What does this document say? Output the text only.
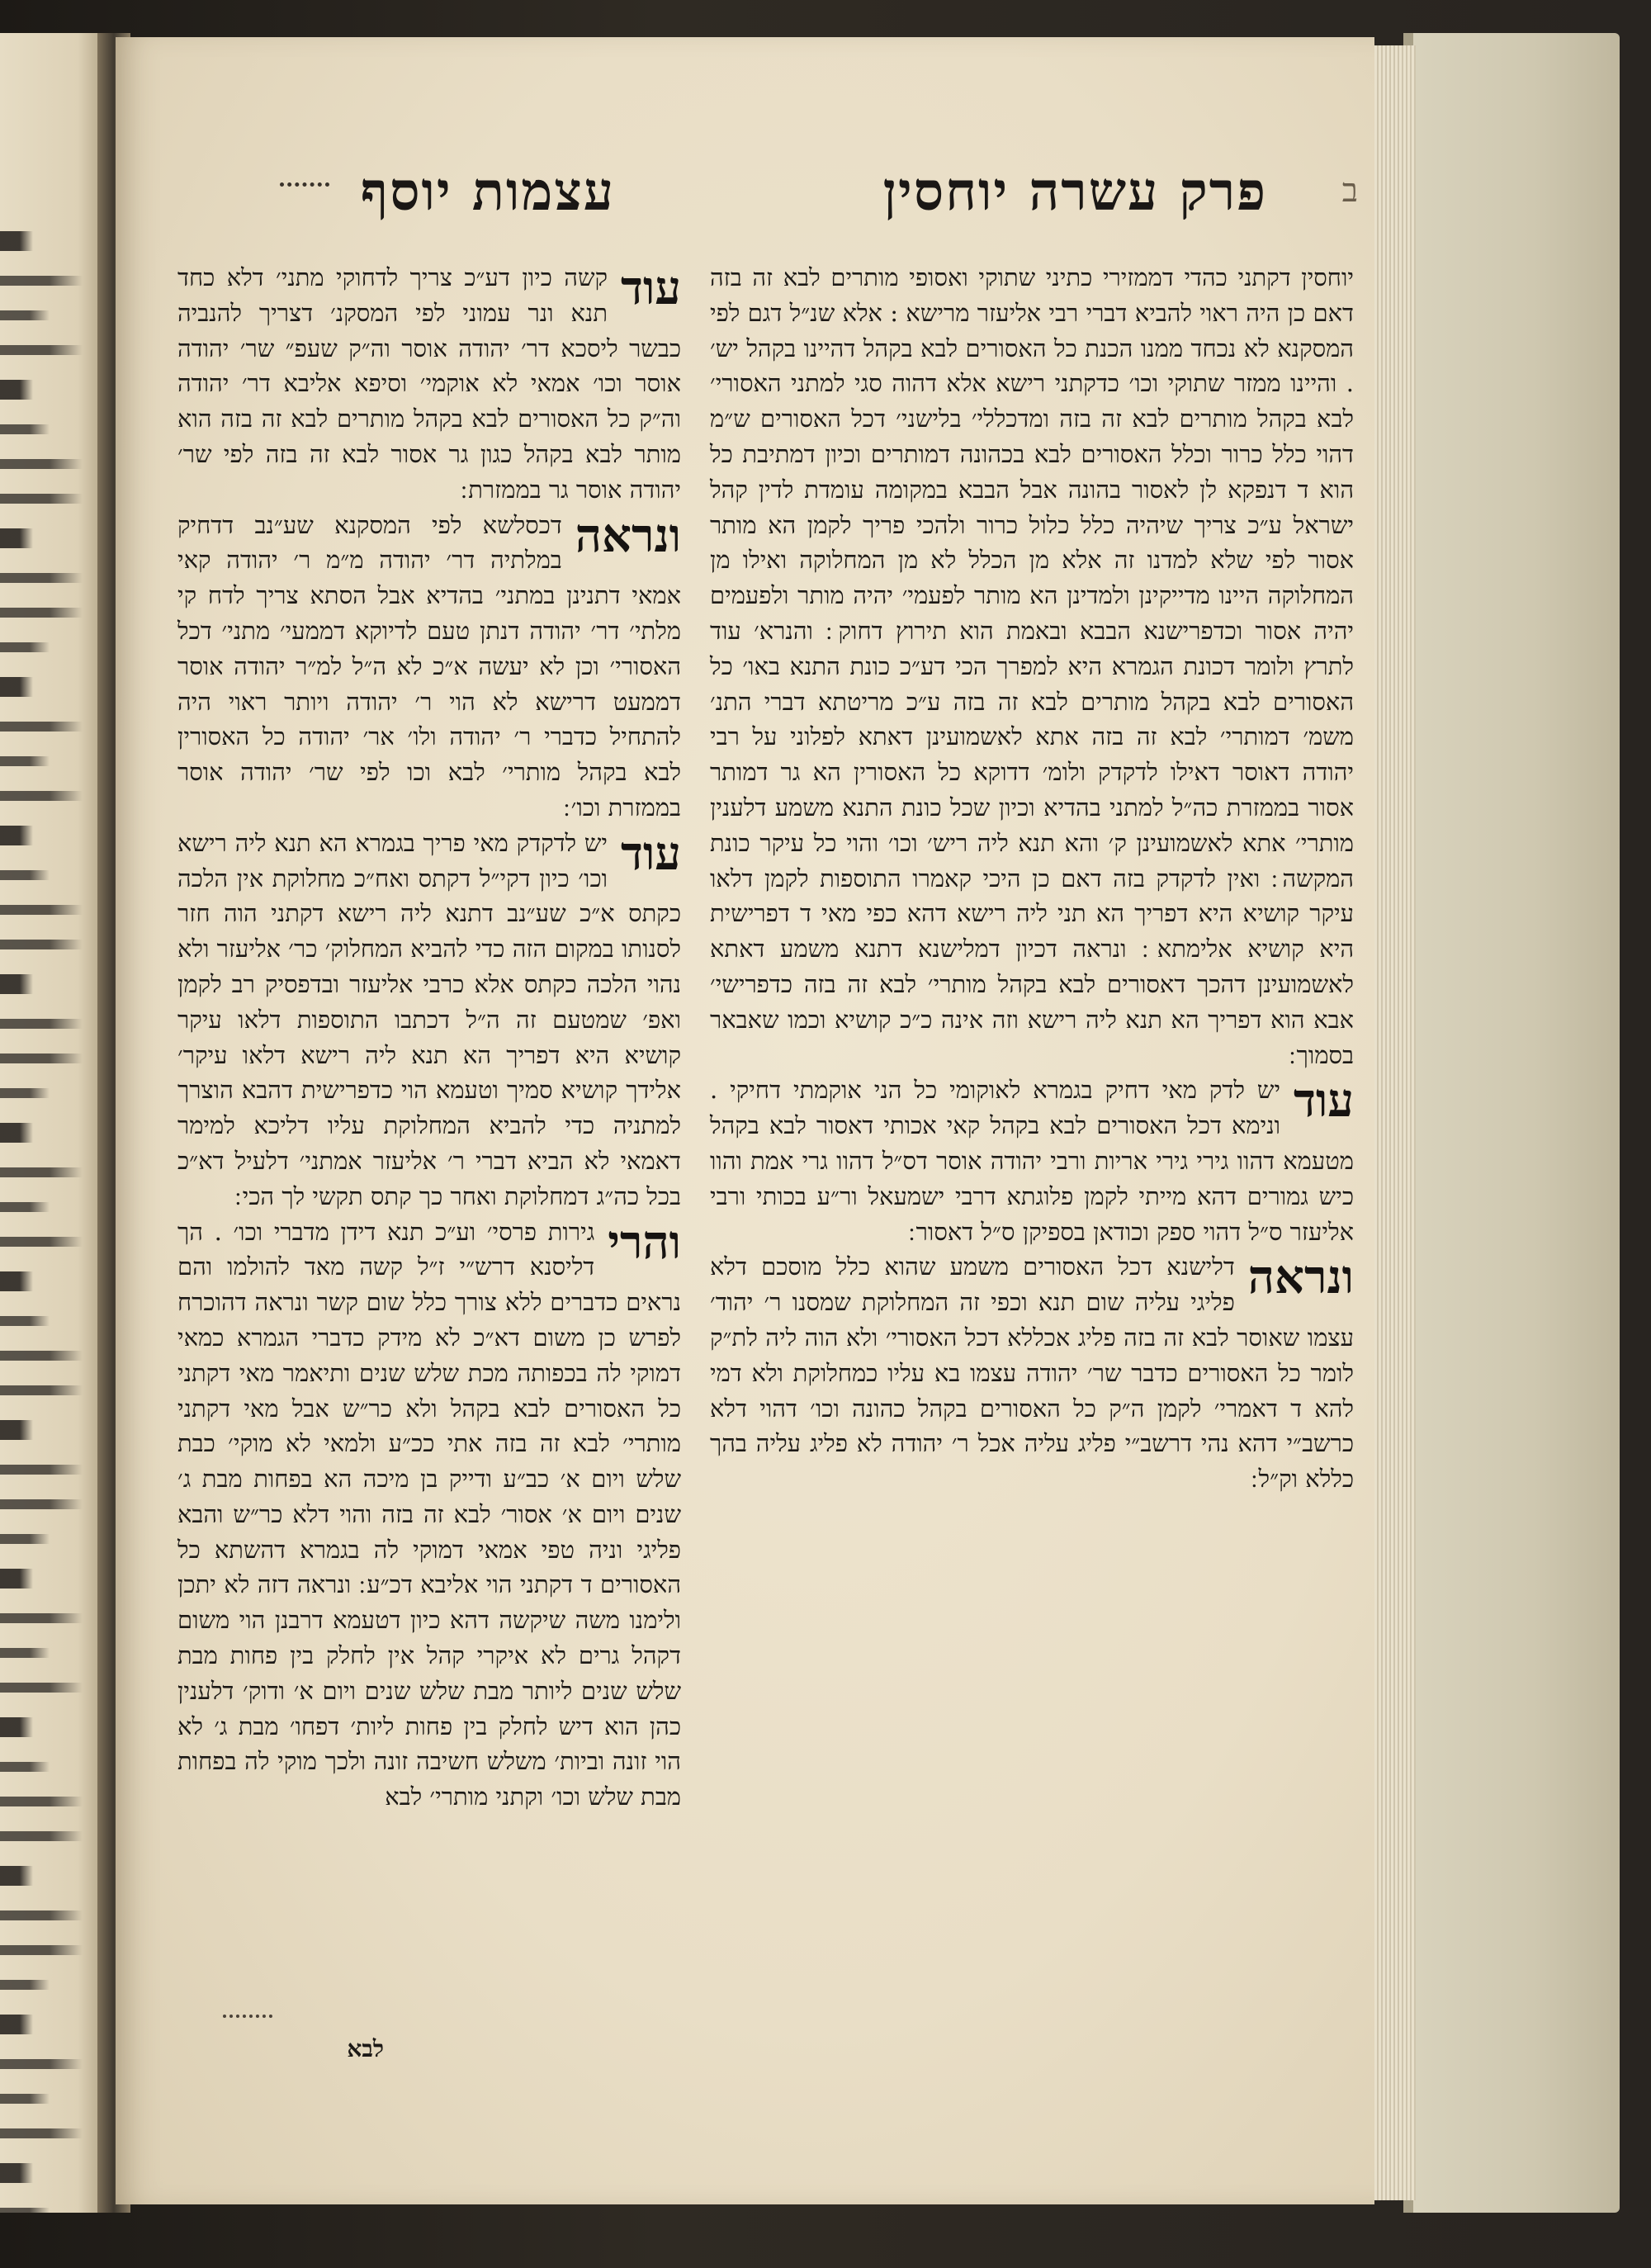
ב
פרק עשרה יוחסין
עצמות יוסף

יוחסין דקתני כהדי דממזירי כתיני שתוקי ואסופי מותרים לבא זה בזה דאם כן היה ראוי להביא דברי רבי אליעזר מרישא : אלא שנ״ל דגם לפי המסקנא לא נכחד ממנו הכנת כל האסורים לבא בקהל דהיינו בקהל יש׳ . והיינו ממזר שתוקי וכו׳ כדקתני רישא אלא דהוה סגי למתני האסורי׳ לבא בקהל מותרים לבא זה בזה ומדכללי׳ בלישני׳ דכל האסורים ש״מ דהוי כלל כרור וכלל האסורים לבא בכהונה דמותרים וכיון דמתיבת כל הוא ד דנפקא לן לאסור בהונה אבל הבבא במקומה עומדת לדין קהל ישראל ע״כ צריך שיהיה כלל כלול כרור ולהכי פריך לקמן הא מותר אסור לפי שלא למדנו זה אלא מן הכלל לא מן המחלוקה ואילו מן המחלוקה היינו מדייקינן ולמדינן הא מותר לפעמי׳ יהיה מותר ולפעמים יהיה אסור וכדפרישנא הבבא ובאמת הוא תירוץ דחוק ׃ והנרא׳ עוד לתרץ ולומר דכונת הגמרא היא למפרך הכי דע״כ כונת התנא באו׳ כל האסורים לבא בקהל מותרים לבא זה בזה ע״כ מריטתא דברי התנ׳ משמ׳ דמותרי׳ לבא זה בזה אתא לאשמועינן דאתא לפלוני על רבי יהודה דאוסר דאילו לדקדק ולומ׳ דדוקא כל האסורין הא גר דמותר אסור בממזרת כה״ל למתני בהדיא וכיון שכל כונת התנא משמע דלענין מותרי׳ אתא לאשמועינן ק׳ והא תנא ליה ריש׳ וכו׳ והוי כל עיקר כונת המקשה ׃ ואין לדקדק בזה דאם כן היכי קאמרו התוספות לקמן דלאו עיקר קושיא היא דפריך הא תני ליה רישא דהא כפי מאי ד דפרישית היא קושיא אלימתא ׃ ונראה דכיון דמלישנא דתנא משמע דאתא לאשמועינן דהכך דאסורים לבא בקהל מותרי׳ לבא זה בזה כדפרישי׳ אבא הוא דפריך הא תנא ליה רישא וזה אינה כ״כ קושיא וכמו שאבאר בסמוך ׃

עוד
יש לדק מאי דחיק בגמרא לאוקומי כל הני אוקמתי דחיקי . ונימא דכל האסורים לבא בקהל קאי אכותי דאסור לבא בקהל מטעמא דהוו גירי גירי אריות ורבי יהודה אוסר דס״ל דהוו גרי אמת והוו כיש גמורים דהא מייתי לקמן פלוגתא דרבי ישמעאל ור״ע בכותי ורבי אליעזר ס״ל דהוי ספק וכודאן בספיקן ס״ל דאסור ׃

ונראה
דלישנא דכל האסורים משמע שהוא כלל מוסכם דלא פליגי עליה שום תנא וכפי זה המחלוקת שמסנו ר׳ יהוד׳ עצמו שאוסר לבא זה בזה פליג אכללא דכל האסורי׳ ולא הוה ליה לת״ק לומר כל האסורים כדבר שר׳ יהודה עצמו בא עליו כמחלוקת ולא דמי להא ד דאמרי׳ לקמן ה״ק כל האסורים בקהל כהונה וכו׳ דהוי דלא כרשב״י דהא נהי דרשב״י פליג עליה אכל ר׳ יהודה לא פליג עליה בהך כללא וק״ל ׃

עוד
קשה כיון דע״כ צריך לדחוקי מתני׳ דלא כחד תנא ונר עמוני לפי המסקנ׳ דצריך להנביה כבשר ליסכא דר׳ יהודה אוסר וה״ק שעפ״ שר׳ יהודה אוסר וכו׳ אמאי לא אוקמי׳ וסיפא אליבא דר׳ יהודה וה״ק כל האסורים לבא בקהל מותרים לבא זה בזה הוא מותר לבא בקהל כגון גר אסור לבא זה בזה לפי שר׳ יהודה אוסר גר בממזרת ׃

ונראה
דכסלשא לפי המסקנא שע״נב דדחיק במלתיה דר׳ יהודה מ״מ ר׳ יהודה קאי אמאי דתנינן במתני׳ בהדיא אבל הסתא צריך לדח קי מלתי׳ דר׳ יהודה דנתן טעם לדיוקא דממעי׳ מתני׳ דכל האסורי׳ וכן לא יעשה א״כ לא ה״ל למ״ר יהודה אוסר דממעט דרישא לא הוי ר׳ יהודה ויותר ראוי היה להתחיל כדברי ר׳ יהודה ולו׳ אר׳ יהודה כל האסורין לבא בקהל מותרי׳ לבא וכו לפי שר׳ יהודה אוסר בממזרת וכו׳ ׃

עוד
יש לדקדק מאי פריך בגמרא הא תנא ליה רישא וכו׳ כיון דקי״ל דקתס ואח״כ מחלוקת אין הלכה כקתס א״כ שע״נב דתנא ליה רישא דקתני הוה חזר לסנותו במקום הזה כדי להביא המחלוק׳ כר׳ אליעזר ולא נהוי הלכה כקתס אלא כרבי אליעזר ובדפסיק רב לקמן ואפ׳ שמטעם זה ה״ל דכתבו התוספות דלאו עיקר קושיא היא דפריך הא תנא ליה רישא דלאו עיקר׳ אלידך קושיא סמיך וטעמא הוי כדפרישית דהבא הוצרך למתניה כדי להביא המחלוקת עליו דליכא למימר דאמאי לא הביא דברי ר׳ אליעזר אמתני׳ דלעיל דא״כ בכל כה״ג דמחלוקת ואחר כך קתס תקשי לך הכי ׃

והרי
גירות פרסי׳ וע״כ תנא דידן מדברי וכו׳ . הך דליסנא דרש״י ז״ל קשה מאד להולמו והם נראים כדברים ללא צורך כלל שום קשר ונראה דהוכרח לפרש כן משום דא״כ לא מידק כדברי הגמרא כמאי דמוקי לה בכפותה מכת שלש שנים ותיאמר מאי דקתני כל האסורים לבא בקהל ולא כר״ש אבל מאי דקתני מותרי׳ לבא זה בזה אתי ככ״ע ולמאי לא מוקי׳ כבת שלש ויום א׳ כב״ע ודייק בן מיכה הא בפחות מבת ג׳ שנים ויום א׳ אסור׳ לבא זה בזה והוי דלא כר״ש והבא פליגי וניה טפי אמאי דמוקי לה בגמרא דהשתא כל האסורים ד דקתני הוי אליבא דכ״ע ׃ ונראה דזה לא יתכן ולימנו משה שיקשה דהא כיון דטעמא דרבנן הוי משום דקהל גרים לא איקרי קהל אין לחלק בין פחות מבת שלש שנים ליותר מבת שלש שנים ויום א׳ ודוק׳ דלענין כהן הוא דיש לחלק בין פחות ליות׳ דפחו׳ מבת ג׳ לא הוי זונה וביות׳ משלש חשיבה זונה ולכך מוקי לה בפחות מבת שלש וכו׳ וקתני מותרי׳ לבא

לבא
